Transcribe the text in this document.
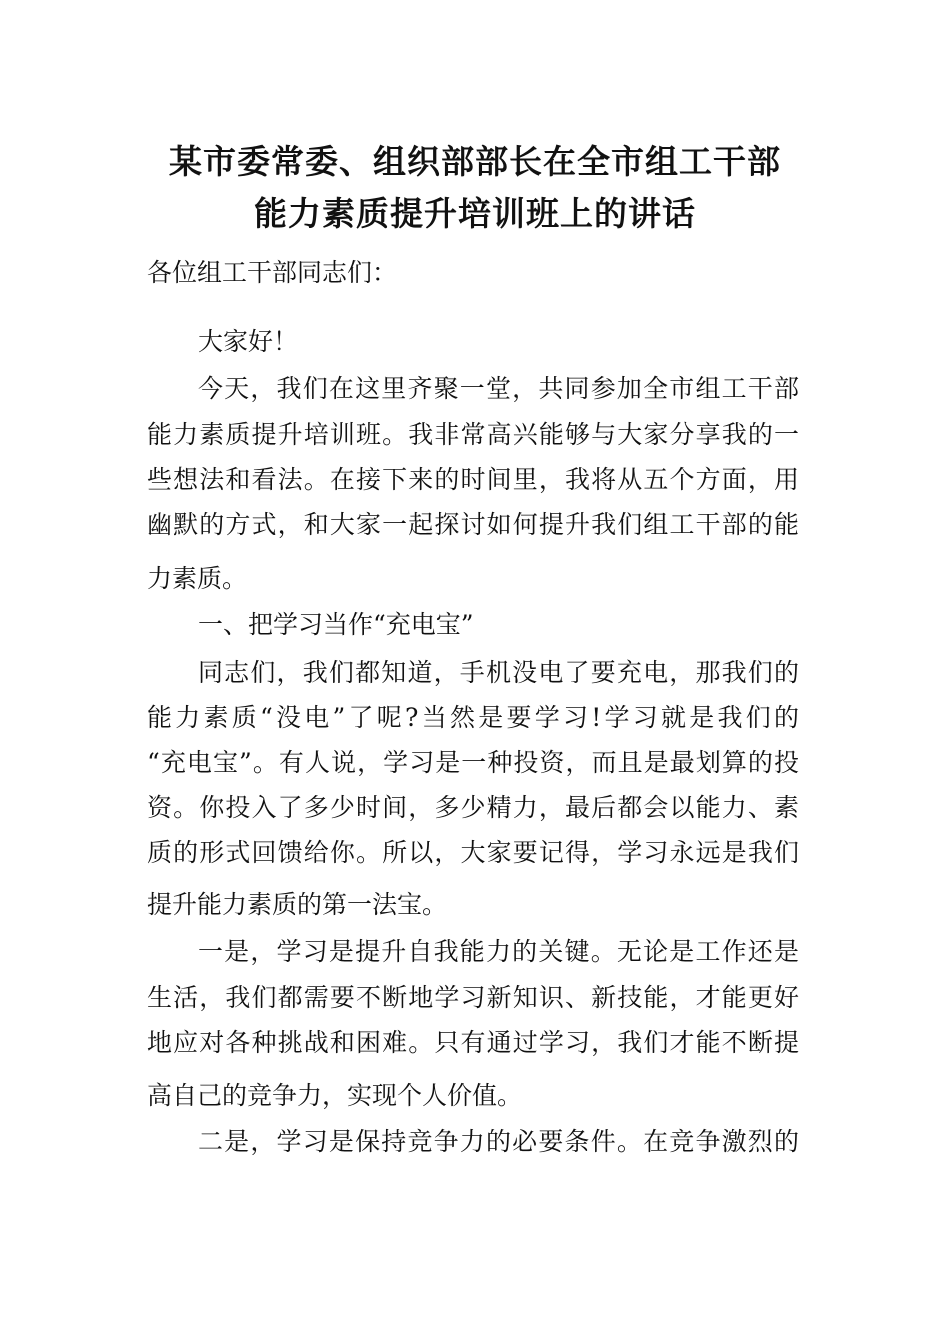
某市委常委、组织部部长在全市组工干部
能力素质提升培训班上的讲话
各位组工干部同志们：
大家好！
今天，我们在这里齐聚一堂，共同参加全市组工干部
能力素质提升培训班。我非常高兴能够与大家分享我的一
些想法和看法。在接下来的时间里，我将从五个方面，用
幽默的方式，和大家一起探讨如何提升我们组工干部的能
力素质。
一、把学习当作“充电宝”
同志们，我们都知道，手机没电了要充电，那我们的
能力素质“没电”了呢?当然是要学习!学习就是我们的
“充电宝”。有人说，学习是一种投资，而且是最划算的投
资。你投入了多少时间，多少精力，最后都会以能力、素
质的形式回馈给你。所以，大家要记得，学习永远是我们
提升能力素质的第一法宝。
一是，学习是提升自我能力的关键。无论是工作还是
生活，我们都需要不断地学习新知识、新技能，才能更好
地应对各种挑战和困难。只有通过学习，我们才能不断提
高自己的竞争力，实现个人价值。
二是，学习是保持竞争力的必要条件。在竞争激烈的
